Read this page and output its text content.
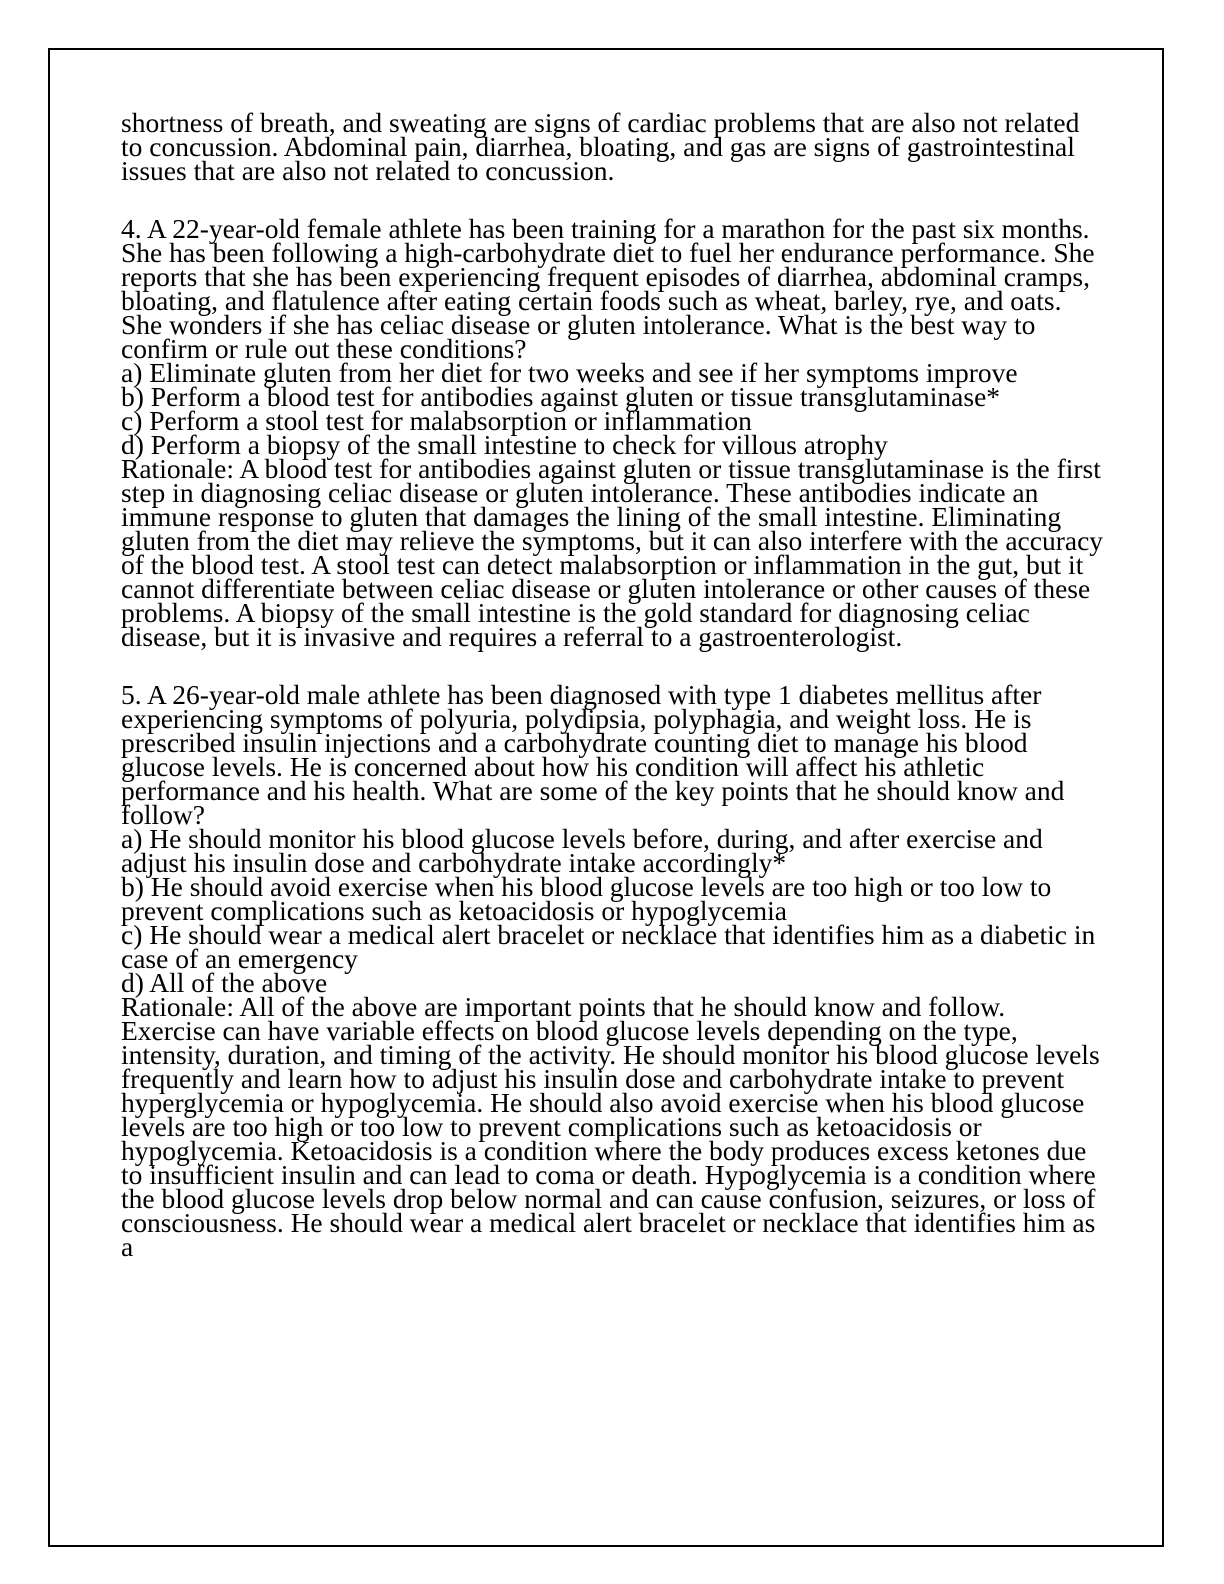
shortness of breath, and sweating are signs of cardiac problems that are also not related to concussion. Abdominal pain, diarrhea, bloating, and gas are signs of gastrointestinal issues that are also not related to concussion.

4. A 22-year-old female athlete has been training for a marathon for the past six months. She has been following a high-carbohydrate diet to fuel her endurance performance. She reports that she has been experiencing frequent episodes of diarrhea, abdominal cramps, bloating, and flatulence after eating certain foods such as wheat, barley, rye, and oats. She wonders if she has celiac disease or gluten intolerance. What is the best way to confirm or rule out these conditions?

a) Eliminate gluten from her diet for two weeks and see if her symptoms improve

b) Perform a blood test for antibodies against gluten or tissue transglutaminase*

c) Perform a stool test for malabsorption or inflammation

d) Perform a biopsy of the small intestine to check for villous atrophy

Rationale: A blood test for antibodies against gluten or tissue transglutaminase is the first step in diagnosing celiac disease or gluten intolerance. These antibodies indicate an immune response to gluten that damages the lining of the small intestine. Eliminating gluten from the diet may relieve the symptoms, but it can also interfere with the accuracy of the blood test. A stool test can detect malabsorption or inflammation in the gut, but it cannot differentiate between celiac disease or gluten intolerance or other causes of these problems. A biopsy of the small intestine is the gold standard for diagnosing celiac disease, but it is invasive and requires a referral to a gastroenterologist.

5. A 26-year-old male athlete has been diagnosed with type 1 diabetes mellitus after experiencing symptoms of polyuria, polydipsia, polyphagia, and weight loss. He is prescribed insulin injections and a carbohydrate counting diet to manage his blood glucose levels. He is concerned about how his condition will affect his athletic performance and his health. What are some of the key points that he should know and follow?

a) He should monitor his blood glucose levels before, during, and after exercise and adjust his insulin dose and carbohydrate intake accordingly*

b) He should avoid exercise when his blood glucose levels are too high or too low to prevent complications such as ketoacidosis or hypoglycemia

c) He should wear a medical alert bracelet or necklace that identifies him as a diabetic in case of an emergency

d) All of the above

Rationale: All of the above are important points that he should know and follow. Exercise can have variable effects on blood glucose levels depending on the type, intensity, duration, and timing of the activity. He should monitor his blood glucose levels frequently and learn how to adjust his insulin dose and carbohydrate intake to prevent hyperglycemia or hypoglycemia. He should also avoid exercise when his blood glucose levels are too high or too low to prevent complications such as ketoacidosis or hypoglycemia. Ketoacidosis is a condition where the body produces excess ketones due to insufficient insulin and can lead to coma or death. Hypoglycemia is a condition where the blood glucose levels drop below normal and can cause confusion, seizures, or loss of consciousness. He should wear a medical alert bracelet or necklace that identifies him as a
